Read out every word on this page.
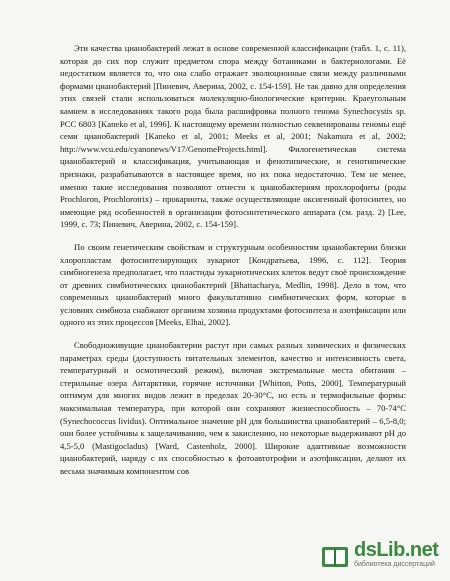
Эти качества цианобактерий лежат в основе современной классификации (табл. 1, с. 11), которая до сих пор служит предметом спора между ботаниками и бактериологами. Её недостатком является то, что она слабо отражает эволюционные связи между различными формами цианобактерий [Пиневич, Аверина, 2002, с. 154-159]. Не так давно для определения этих связей стали использоваться молекулярно-биологические критерии. Краеугольным камнем в исследованиях такого рода была расшифровка полного генома Synechocystis sp. PCC 6803 [Kaneko et al, 1996]. К настоящему времени полностью секвенированы геномы ещё семи цианобактерий [Kaneko et al, 2001; Meeks et al, 2001; Nakamura et al, 2002; http://www.vcu.edu/cyanonews/V17/GenomeProjects.html]. Филогенетическая система цианобактерий и классификация, учитывающая и фенотипические, и генотипические признаки, разрабатываются в настоящее время, но их пока недостаточно. Тем не менее, именно такие исследования позволяют отнести к цианобактериям прохлорофиты (роды Prochloron, Prochlorotrix) – прокариоты, также осуществляющие оксигенный фотосинтез, но имеющие ряд особенностей в организации фотосинтетического аппарата (см. разд. 2) [Lee, 1999, с. 73; Пиневич, Аверина, 2002, с. 154-159].

По своим генетическим свойствам и структурным особенностям цианобактерии близки хлоропластам фотосинтезирующих эукариот [Кондратьева, 1996, с. 112]. Теория симбиогенеза предполагает, что пластиды эукариотических клеток ведут своё происхождение от древних симбиотических цианобактерий [Bhattacharya, Medlin, 1998]. Дело в том, что современных цианобактерий много факультативно симбиотических форм, которые в условиях симбиоза снабжают организм хозяина продуктами фотосинтеза и азотфиксации или одного из этих процессов [Meeks, Elhai, 2002].

Свободноживущие цианобактерии растут при самых разных химических и физических параметрах среды (доступность питательных элементов, качество и интенсивность света, температурный и осмотический режим), включая экстремальные места обитания – стерильные озера Антарктики, горячие источники [Whitton, Potts, 2000]. Температурный оптимум для многих видов лежит в пределах 20-30°С, но есть и термофильные формы: максимальная температура, при которой они сохраняют жизнеспособность – 70-74°С (Synechococcus lividus). Оптимальное значение pH для большинства цианобактерий – 6,5-8,0; они более устойчивы к защелачиванию, чем к закислению, но некоторые выдерживают pH до 4,5-5,0 (Mastigocladus) [Ward, Castenholz, 2000]. Широкие адаптивные возможности цианобактерий, наряду с их способностью к фотоавтотрофии и азотфиксации, делают их весьма значимым компонентом сов

dsLib.net
библиотека диссертаций
